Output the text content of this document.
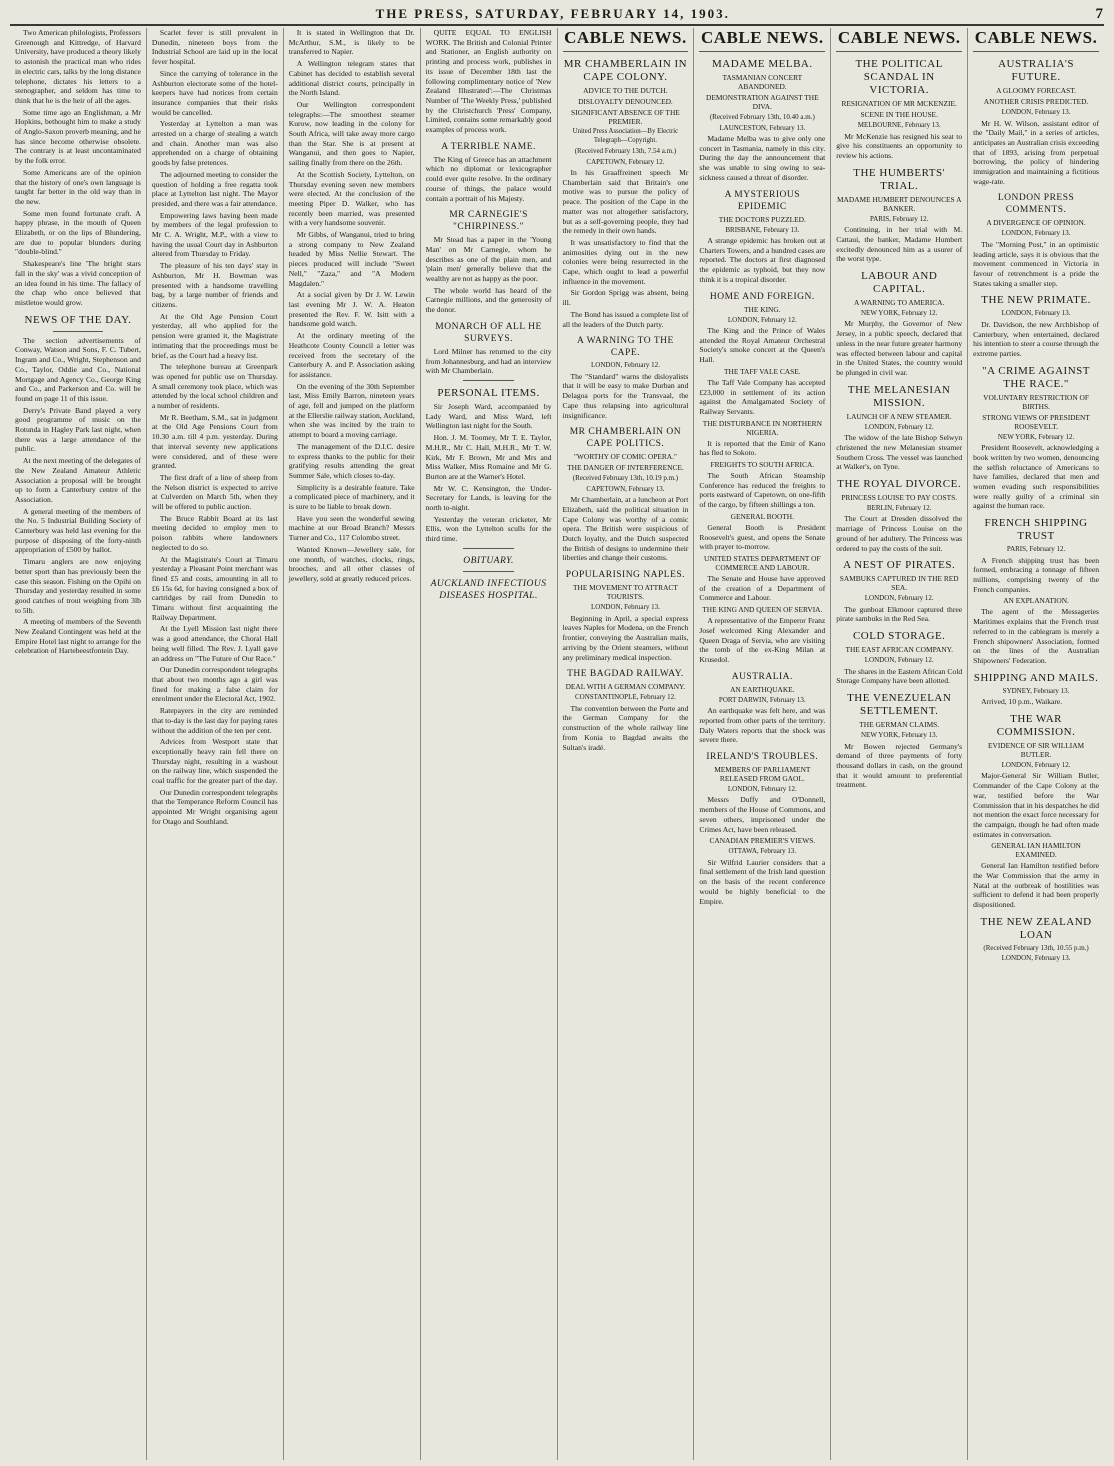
THE PRESS, SATURDAY, FEBRUARY 14, 1903.	7

Two American philologists, Professors Greenough and Kittredge, of Harvard University, have produced a theory likely to astonish the practical man who rides in electric cars, talks by the long distance telephone, dictates his letters to a stenographer, and seldom has time to think that he is the heir of all the ages.

Some time ago an Englishman, a Mr Hopkins, bethought him to make a study of Anglo-Saxon proverb meaning, and he has since become otherwise obsolete. The contrary is at least uncontaminated by the folk error.

Some Americans are of the opinion that the history of one's own language is taught far better in the old way than in the new.

Some men found fortunate craft. A happy phrase, in the mouth of Queen Elizabeth, or on the lips of Blundering, are due to popular blunders during "double-blind."

Shakespeare's line 'The bright stars fall in the sky' was a vivid conception of an idea found in his time. The fallacy of the chap who once believed that mistletoe would grow.

NEWS OF THE DAY.

The section advertisements of Conway, Watson and Sons, F. C. Tubert, Ingram and Co., Wright, Stephenson and Co., Taylor, Oddie and Co., National Mortgage and Agency Co., George King and Co., and Parkerson and Co. will be found on page 11 of this issue.

Derry's Private Band played a very good programme of music on the Rotunda in Hagley Park last night, when there was a large attendance of the public.

At the next meeting of the delegates of the New Zealand Amateur Athletic Association a proposal will be brought up to form a Canterbury centre of the Association.

A general meeting of the members of the No. 5 Industrial Building Society of Canterbury was held last evening for the purpose of disposing of the forty-ninth appropriation of £500 by ballot.

Timaru anglers are now enjoying better sport than has previously been the case this season. Fishing on the Opihi on Thursday and yesterday resulted in some good catches of trout weighing from 3lb to 5lb.

A meeting of members of the Seventh New Zealand Contingent was held at the Empire Hotel last night to arrange for the celebration of Hartebeestfontein Day.

Scarlet fever is still prevalent in Dunedin, nineteen boys from the Industrial School are laid up in the local fever hospital.

Since the carrying of tolerance in the Ashburton electorate some of the hotel-keepers have had notices from certain insurance companies that their risks would be cancelled.

Yesterday at Lyttelton a man was arrested on a charge of stealing a watch and chain. Another man was also apprehended on a charge of obtaining goods by false pretences.

The adjourned meeting to consider the question of holding a free regatta took place at Lyttelton last night. The Mayor presided, and there was a fair attendance.

Empowering laws having been made by members of the legal profession to Mr C. A. Wright, M.P., with a view to having the usual Court day in Ashburton altered from Thursday to Friday.

The pleasure of his ten days' stay in Ashburton, Mr H. Bowman was presented with a handsome travelling bag, by a large number of friends and citizens.

At the Old Age Pension Court yesterday, all who applied for the pension were granted it, the Magistrate intimating that the proceedings must be brief, as the Court had a heavy list.

The telephone bureau at Greenpark was opened for public use on Thursday. A small ceremony took place, which was attended by the local school children and a number of residents.

Mr R. Beetham, S.M., sat in judgment at the Old Age Pensions Court from 10.30 a.m. till 4 p.m. yesterday. During that interval seventy new applications were considered, and of these were granted.

The first draft of a line of sheep from the Nelson district is expected to arrive at Culverden on March 5th, when they will be offered to public auction.

The Bruce Rabbit Board at its last meeting decided to employ men to poison rabbits where landowners neglected to do so.

At the Magistrate's Court at Timaru yesterday a Pleasant Point merchant was fined £5 and costs, amounting in all to £6 15s 6d, for having consigned a box of cartridges by rail from Dunedin to Timaru without first acquainting the Railway Department.

At the Lyell Mission last night there was a good attendance, the Choral Hall being well filled. The Rev. J. Lyall gave an address on "The Future of Our Race."

Our Dunedin correspondent telegraphs that about two months ago a girl was fined for making a false claim for enrolment under the Electoral Act, 1902.

Ratepayers in the city are reminded that to-day is the last day for paying rates without the addition of the ten per cent.

Advices from Westport state that exceptionally heavy rain fell there on Thursday night, resulting in a washout on the railway line, which suspended the coal traffic for the greater part of the day.

Our Dunedin correspondent telegraphs that the Temperance Reform Council has appointed Mr Wright organising agent for Otago and Southland.

It is stated in Wellington that Dr. McArthur, S.M., is likely to be transferred to Napier.

A Wellington telegram states that Cabinet has decided to establish several additional district courts, principally in the North Island.

Our Wellington correspondent telegraphs:—The smoothest steamer Kurow, now leading in the colony for South Africa, will take away more cargo than the Star. She is at present at Wanganui, and then goes to Napier, sailing finally from there on the 26th.

At the Scottish Society, Lyttelton, on Thursday evening seven new members were elected. At the conclusion of the meeting Piper D. Walker, who has recently been married, was presented with a very handsome souvenir.

Mr Gibbs, of Wanganui, tried to bring a strong company to New Zealand headed by Miss Nellie Stewart. The pieces produced will include "Sweet Nell," "Zaza," and "A Modern Magdalen."

At a social given by Dr J. W. Lewin last evening Mr J. W. A. Heaton presented the Rev. F. W. Isitt with a handsome gold watch.

At the ordinary meeting of the Heathcote County Council a letter was received from the secretary of the Canterbury A. and P. Association asking for assistance.

On the evening of the 30th September last, Miss Emily Barron, nineteen years of age, fell and jumped on the platform at the Ellerslie railway station, Auckland, when she was incited by the train to attempt to board a moving carriage.

The management of the D.I.C. desire to express thanks to the public for their gratifying results attending the great Summer Sale, which closes to-day.

Simplicity is a desirable feature. Take a complicated piece of machinery, and it is sure to be liable to break down.

Have you seen the wonderful sewing machine at our Broad Branch? Messrs Turner and Co., 117 Colombo street.

Wanted Known—Jewellery sale, for one month, of watches, clocks, rings, brooches, and all other classes of jewellery, sold at greatly reduced prices.

QUITE EQUAL TO ENGLISH WORK. The British and Colonial Printer and Stationer, an English authority on printing and process work, publishes in its issue of December 18th last the following complimentary notice of 'New Zealand Illustrated':—The Christmas Number of 'The Weekly Press,' published by the Christchurch 'Press' Company, Limited, contains some remarkably good examples of process work.

A TERRIBLE NAME.

The King of Greece has an attachment which no diplomat or lexicographer could ever quite resolve. In the ordinary course of things, the palace would contain a portrait of his Majesty.

MR CARNEGIE'S "CHIRPINESS."

Mr Stead has a paper in the 'Young Man' on Mr Carnegie, whom he describes as one of the plain men, and 'plain men' generally believe that the wealthy are not as happy as the poor.

The whole world has heard of the Carnegie millions, and the generosity of the donor.

MONARCH OF ALL HE SURVEYS.

Lord Milner has returned to the city from Johannesburg, and had an interview with Mr Chamberlain.

PERSONAL ITEMS.

Sir Joseph Ward, accompanied by Lady Ward, and Miss Ward, left Wellington last night for the South.

Hon. J. M. Toomey, Mr T. E. Taylor, M.H.R., Mr C. Hall, M.H.R., Mr T. W. Kirk, Mr F. Brown, Mr and Mrs and Miss Walker, Miss Romaine and Mr G. Burton are at the Warner's Hotel.

Mr W. C. Kensington, the Under-Secretary for Lands, is leaving for the north to-night.

Yesterday the veteran cricketer, Mr Ellis, won the Lyttelton sculls for the third time.

OBITUARY.
AUCKLAND INFECTIOUS DISEASES HOSPITAL.
CABLE NEWS.
MR CHAMBERLAIN IN CAPE COLONY.
ADVICE TO THE DUTCH.
DISLOYALTY DENOUNCED.
SIGNIFICANT ABSENCE OF THE PREMIER.
United Press Association—By Electric Telegraph—Copyright.
(Received February 13th, 7.54 a.m.)
CAPETOWN, February 12.

In his Graaffreinett speech Mr Chamberlain said that Britain's one motive was to pursue the policy of peace. The position of the Cape in the matter was not altogether satisfactory, but as a self-governing people, they had the remedy in their own hands.

It was unsatisfactory to find that the animosities dying out in the new colonies were being resurrected in the Cape, which ought to lead a powerful influence in the movement.

Sir Gordon Sprigg was absent, being ill.

The Bond has issued a complete list of all the leaders of the Dutch party.

A WARNING TO THE CAPE.
LONDON, February 12.

The "Standard" warns the disloyalists that it will be easy to make Durban and Delagoa ports for the Transvaal, the Cape thus relapsing into agricultural insignificance.

MR CHAMBERLAIN ON CAPE POLITICS.
"WORTHY OF COMIC OPERA."
THE DANGER OF INTERFERENCE.
(Received February 13th, 10.19 p.m.)
CAPETOWN, February 13.

Mr Chamberlain, at a luncheon at Port Elizabeth, said the political situation in Cape Colony was worthy of a comic opera. The British were suspicious of Dutch loyalty, and the Dutch suspected the British of designs to undermine their liberties and change their customs.

POPULARISING NAPLES.
THE MOVEMENT TO ATTRACT TOURISTS.
LONDON, February 13.

Beginning in April, a special express leaves Naples for Modena, on the French frontier, conveying the Australian mails, arriving by the Orient steamers, without any preliminary medical inspection.

THE BAGDAD RAILWAY.
DEAL WITH A GERMAN COMPANY.
CONSTANTINOPLE, February 12.

The convention between the Porte and the German Company for the construction of the whole railway line from Konia to Bagdad awaits the Sultan's iradé.

CABLE NEWS.
MADAME MELBA.
TASMANIAN CONCERT ABANDONED.
DEMONSTRATION AGAINST THE DIVA.
(Received February 13th, 10.40 a.m.)
LAUNCESTON, February 13.

Madame Melba was to give only one concert in Tasmania, namely in this city. During the day the announcement that she was unable to sing owing to sea-sickness caused a threat of disorder.

A MYSTERIOUS EPIDEMIC
THE DOCTORS PUZZLED.
BRISBANE, February 13.

A strange epidemic has broken out at Charters Towers, and a hundred cases are reported. The doctors at first diagnosed the epidemic as typhoid, but they now think it is a tropical disorder.

HOME AND FOREIGN.
THE KING.
LONDON, February 12.

The King and the Prince of Wales attended the Royal Amateur Orchestral Society's smoke concert at the Queen's Hall.

THE TAFF VALE CASE.

The Taff Vale Company has accepted £23,000 in settlement of its action against the Amalgamated Society of Railway Servants.

THE DISTURBANCE IN NORTHERN NIGERIA.

It is reported that the Emir of Kano has fled to Sokoto.

FREIGHTS TO SOUTH AFRICA.

The South African Steamship Conference has reduced the freights to ports eastward of Capetown, on one-fifth of the cargo, by fifteen shillings a ton.

GENERAL BOOTH.

General Booth is President Roosevelt's guest, and opens the Senate with prayer to-morrow.

UNITED STATES DEPARTMENT OF COMMERCE AND LABOUR.

The Senate and House have approved of the creation of a Department of Commerce and Labour.

THE KING AND QUEEN OF SERVIA.

A representative of the Emperor Franz Josef welcomed King Alexander and Queen Draga of Servia, who are visiting the tomb of the ex-King Milan at Krusedol.

AUSTRALIA.
AN EARTHQUAKE.
PORT DARWIN, February 13.

An earthquake was felt here, and was reported from other parts of the territory. Daly Waters reports that the shock was severe there.

IRELAND'S TROUBLES.
MEMBERS OF PARLIAMENT RELEASED FROM GAOL.
LONDON, February 12.

Messrs Duffy and O'Donnell, members of the House of Commons, and seven others, imprisoned under the Crimes Act, have been released.

CANADIAN PREMIER'S VIEWS.
OTTAWA, February 13.

Sir Wilfrid Laurier considers that a final settlement of the Irish land question on the basis of the recent conference would be highly beneficial to the Empire.

CABLE NEWS.
THE POLITICAL SCANDAL IN VICTORIA.
RESIGNATION OF MR MCKENZIE.
SCENE IN THE HOUSE.
MELBOURNE, February 13.

Mr McKenzie has resigned his seat to give his constituents an opportunity to review his actions.

THE HUMBERTS' TRIAL.
MADAME HUMBERT DENOUNCES A BANKER.
PARIS, February 12.

Continuing, in her trial with M. Cattaui, the banker, Madame Humbert excitedly denounced him as a usurer of the worst type.

LABOUR AND CAPITAL.
A WARNING TO AMERICA.
NEW YORK, February 12.

Mr Murphy, the Governor of New Jersey, in a public speech, declared that unless in the near future greater harmony was effected between labour and capital in the United States, the country would be plunged in civil war.

THE MELANESIAN MISSION.
LAUNCH OF A NEW STEAMER.
LONDON, February 12.

The widow of the late Bishop Selwyn christened the new Melanesian steamer Southern Cross. The vessel was launched at Walker's, on Tyne.

THE ROYAL DIVORCE.
PRINCESS LOUISE TO PAY COSTS.
BERLIN, February 12.

The Court at Dresden dissolved the marriage of Princess Louise on the ground of her adultery. The Princess was ordered to pay the costs of the suit.

A NEST OF PIRATES.
SAMBUKS CAPTURED IN THE RED SEA.
LONDON, February 12.

The gunboat Elkmoor captured three pirate sambuks in the Red Sea.

COLD STORAGE.
THE EAST AFRICAN COMPANY.
LONDON, February 12.

The shares in the Eastern African Cold Storage Company have been allotted.

THE VENEZUELAN SETTLEMENT.
THE GERMAN CLAIMS.
NEW YORK, February 13.

Mr Bowen rejected Germany's demand of three payments of forty thousand dollars in cash, on the ground that it would amount to preferential treatment.

CABLE NEWS.
AUSTRALIA'S FUTURE.
A GLOOMY FORECAST.
ANOTHER CRISIS PREDICTED.
LONDON, February 13.

Mr H. W. Wilson, assistant editor of the "Daily Mail," in a series of articles, anticipates an Australian crisis exceeding that of 1893, arising from perpetual borrowing, the policy of hindering immigration and maintaining a fictitious wage-rate.

LONDON PRESS COMMENTS.
A DIVERGENCE OF OPINION.
LONDON, February 13.

The "Morning Post," in an optimistic leading article, says it is obvious that the movement commenced in Victoria in favour of retrenchment is a pride the States taking a smaller step.

THE NEW PRIMATE.
LONDON, February 13.

Dr. Davidson, the new Archbishop of Canterbury, when entertained, declared his intention to steer a course through the extreme parties.

"A CRIME AGAINST THE RACE."
VOLUNTARY RESTRICTION OF BIRTHS.
STRONG VIEWS OF PRESIDENT ROOSEVELT.
NEW YORK, February 12.

President Roosevelt, acknowledging a book written by two women, denouncing the selfish reluctance of Americans to have families, declared that men and women evading such responsibilities were really guilty of a criminal sin against the human race.

FRENCH SHIPPING TRUST
PARIS, February 12.

A French shipping trust has been formed, embracing a tonnage of fifteen millions, comprising twenty of the French companies.

AN EXPLANATION.

The agent of the Messageries Maritimes explains that the French trust referred to in the cablegram is merely a French shipowners' Association, formed on the lines of the Australian Shipowners' Federation.

SHIPPING AND MAILS.
SYDNEY, February 13.

Arrived, 10 p.m., Waikare.

THE WAR COMMISSION.
EVIDENCE OF SIR WILLIAM BUTLER.
LONDON, February 12.

Major-General Sir William Butler, Commander of the Cape Colony at the war, testified before the War Commission that in his despatches he did not mention the exact force necessary for the campaign, though he had often made estimates in conversation.

GENERAL IAN HAMILTON EXAMINED.

General Ian Hamilton testified before the War Commission that the army in Natal at the outbreak of hostilities was sufficient to defend it had been properly dispositioned.

THE NEW ZEALAND LOAN
(Received February 13th, 10.55 p.m.)
LONDON, February 13.
